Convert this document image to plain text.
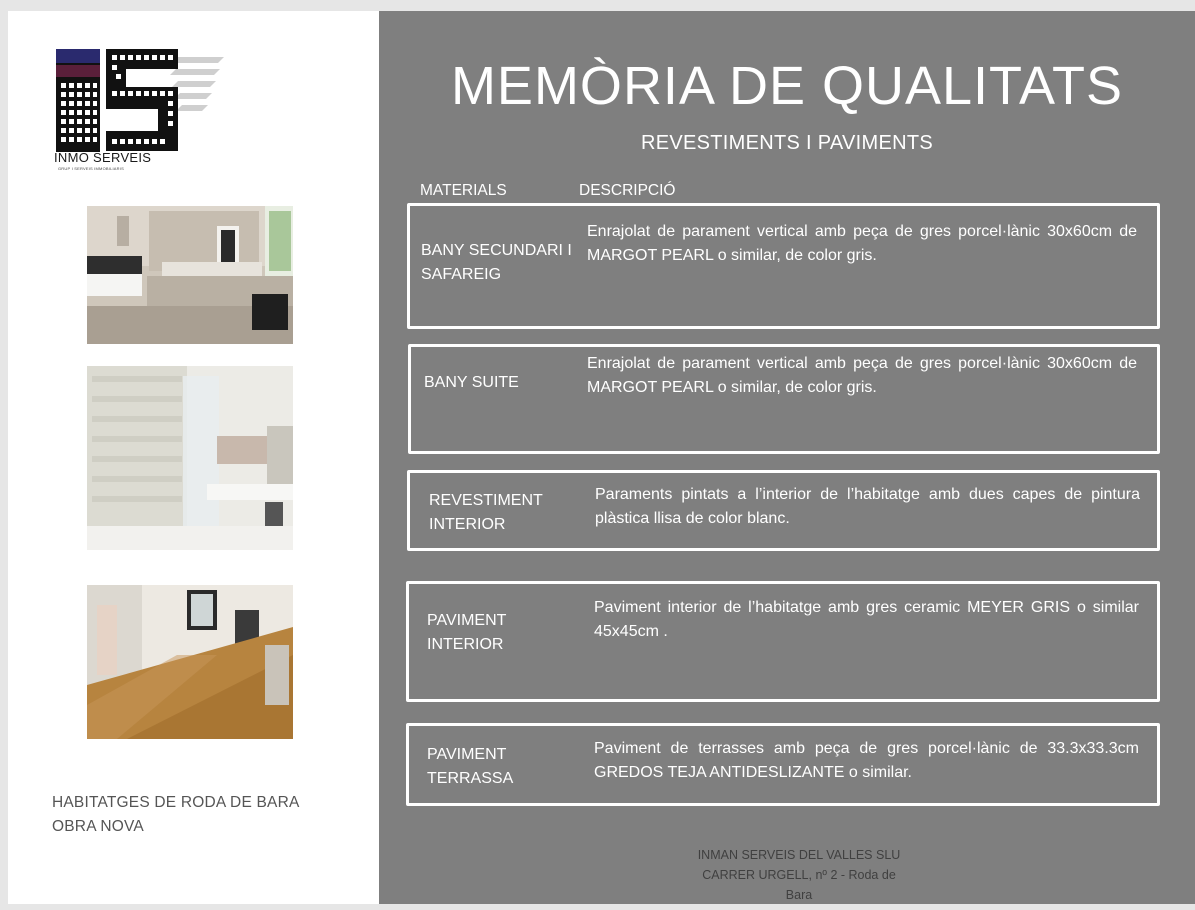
INMO SERVEIS
GRUP I SERVEIS IMMOBILIARIS
HABITATGES DE RODA DE BARA
OBRA NOVA
MEMÒRIA DE QUALITATS
REVESTIMENTS I PAVIMENTS
MATERIALS	DESCRIPCIÓ
BANY SECUNDARI I SAFAREIG
Enrajolat de parament vertical amb peça de gres porcel·lànic 30x60cm de MARGOT PEARL o similar, de color gris.
BANY SUITE
Enrajolat de parament vertical amb peça de gres porcel·lànic 30x60cm de MARGOT PEARL o similar, de color gris.
REVESTIMENT INTERIOR
Paraments pintats a l’interior de l’habitatge amb dues capes de pintura plàstica llisa de color blanc.
PAVIMENT INTERIOR
Paviment interior de l’habitatge amb gres ceramic MEYER GRIS o similar 45x45cm .
PAVIMENT TERRASSA
Paviment de terrasses amb peça de gres porcel·lànic de 33.3x33.3cm GREDOS TEJA ANTIDESLIZANTE o similar.
INMAN SERVEIS DEL VALLES SLU
CARRER URGELL, nº 2 - Roda de
Bara
